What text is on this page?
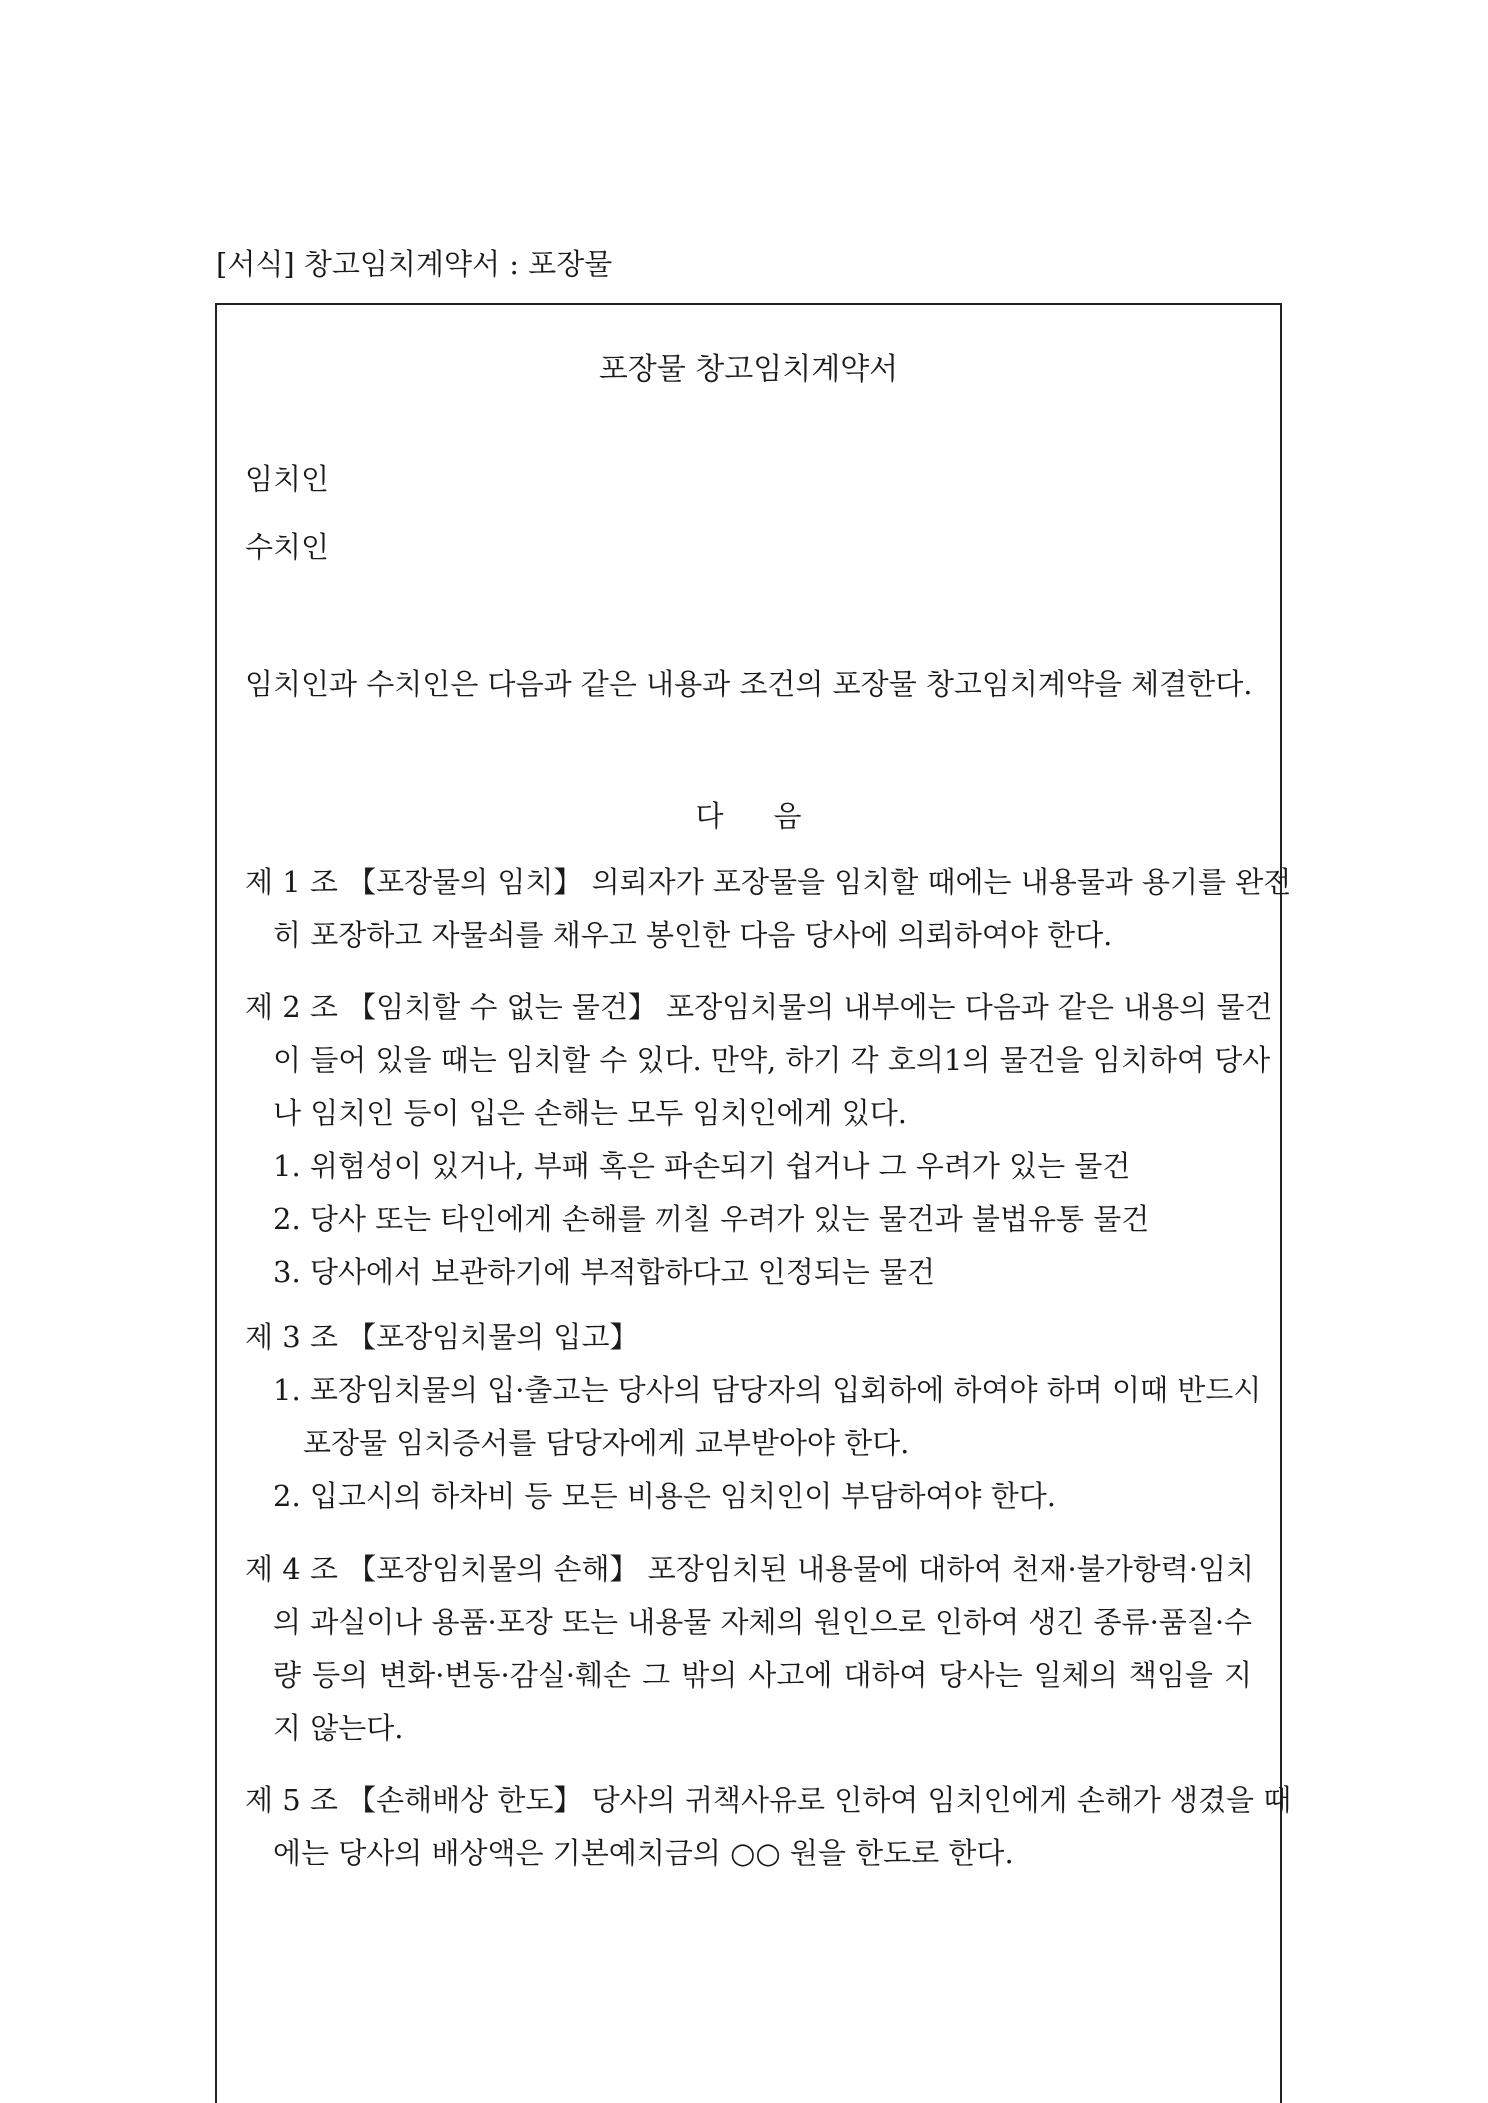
[서식] 창고임치계약서 : 포장물
포장물 창고임치계약서
임치인
수치인
임치인과 수치인은 다음과 같은 내용과 조건의 포장물 창고임치계약을 체결한다.
다음
제 1 조 【포장물의 임치】 의뢰자가 포장물을 임치할 때에는 내용물과 용기를 완전
히 포장하고 자물쇠를 채우고 봉인한 다음 당사에 의뢰하여야 한다.
제 2 조 【임치할 수 없는 물건】 포장임치물의 내부에는 다음과 같은 내용의 물건
이 들어 있을 때는 임치할 수 있다. 만약, 하기 각 호의1의 물건을 임치하여 당사
나 임치인 등이 입은 손해는 모두 임치인에게 있다.
1. 위험성이 있거나, 부패 혹은 파손되기 쉽거나 그 우려가 있는 물건
2. 당사 또는 타인에게 손해를 끼칠 우려가 있는 물건과 불법유통 물건
3. 당사에서 보관하기에 부적합하다고 인정되는 물건
제 3 조 【포장임치물의 입고】
1. 포장임치물의 입·출고는 당사의 담당자의 입회하에 하여야 하며 이때 반드시
포장물 임치증서를 담당자에게 교부받아야 한다.
2. 입고시의 하차비 등 모든 비용은 임치인이 부담하여야 한다.
제 4 조 【포장임치물의 손해】 포장임치된 내용물에 대하여 천재·불가항력·임치
의 과실이나 용품·포장 또는 내용물 자체의 원인으로 인하여 생긴 종류·품질·수
량 등의 변화·변동·감실·훼손 그 밖의 사고에 대하여 당사는 일체의 책임을 지
지 않는다.
제 5 조 【손해배상 한도】 당사의 귀책사유로 인하여 임치인에게 손해가 생겼을 때
에는 당사의 배상액은 기본예치금의 ○○ 원을 한도로 한다.
